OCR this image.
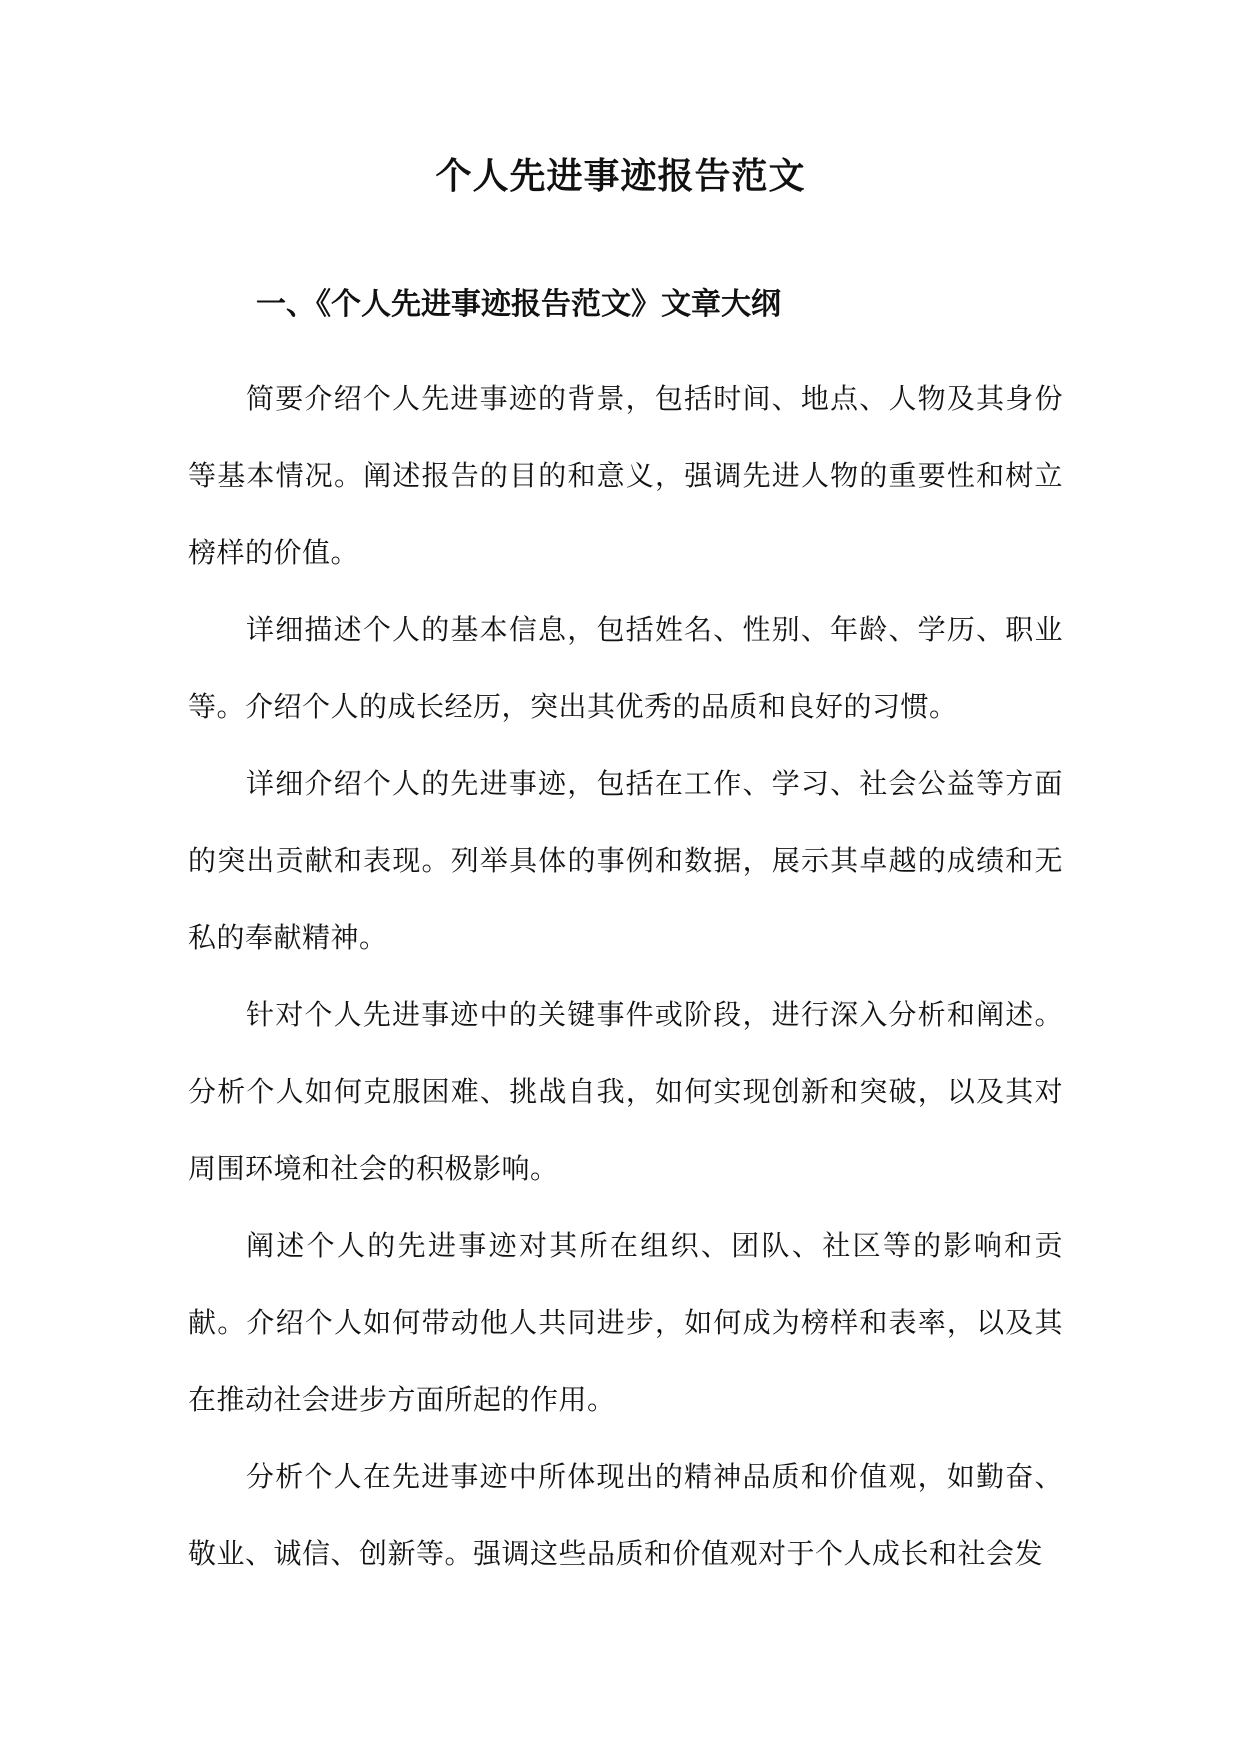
个人先进事迹报告范文
一、《个人先进事迹报告范文》文章大纲

简要介绍个人先进事迹的背景，包括时间、地点、人物及其身份等基本情况。阐述报告的目的和意义，强调先进人物的重要性和树立榜样的价值。

详细描述个人的基本信息，包括姓名、性别、年龄、学历、职业等。介绍个人的成长经历，突出其优秀的品质和良好的习惯。

详细介绍个人的先进事迹，包括在工作、学习、社会公益等方面的突出贡献和表现。列举具体的事例和数据，展示其卓越的成绩和无私的奉献精神。

针对个人先进事迹中的关键事件或阶段，进行深入分析和阐述。分析个人如何克服困难、挑战自我，如何实现创新和突破，以及其对周围环境和社会的积极影响。

阐述个人的先进事迹对其所在组织、团队、社区等的影响和贡献。介绍个人如何带动他人共同进步，如何成为榜样和表率，以及其在推动社会进步方面所起的作用。

分析个人在先进事迹中所体现出的精神品质和价值观，如勤奋、敬业、诚信、创新等。强调这些品质和价值观对于个人成长和社会发
